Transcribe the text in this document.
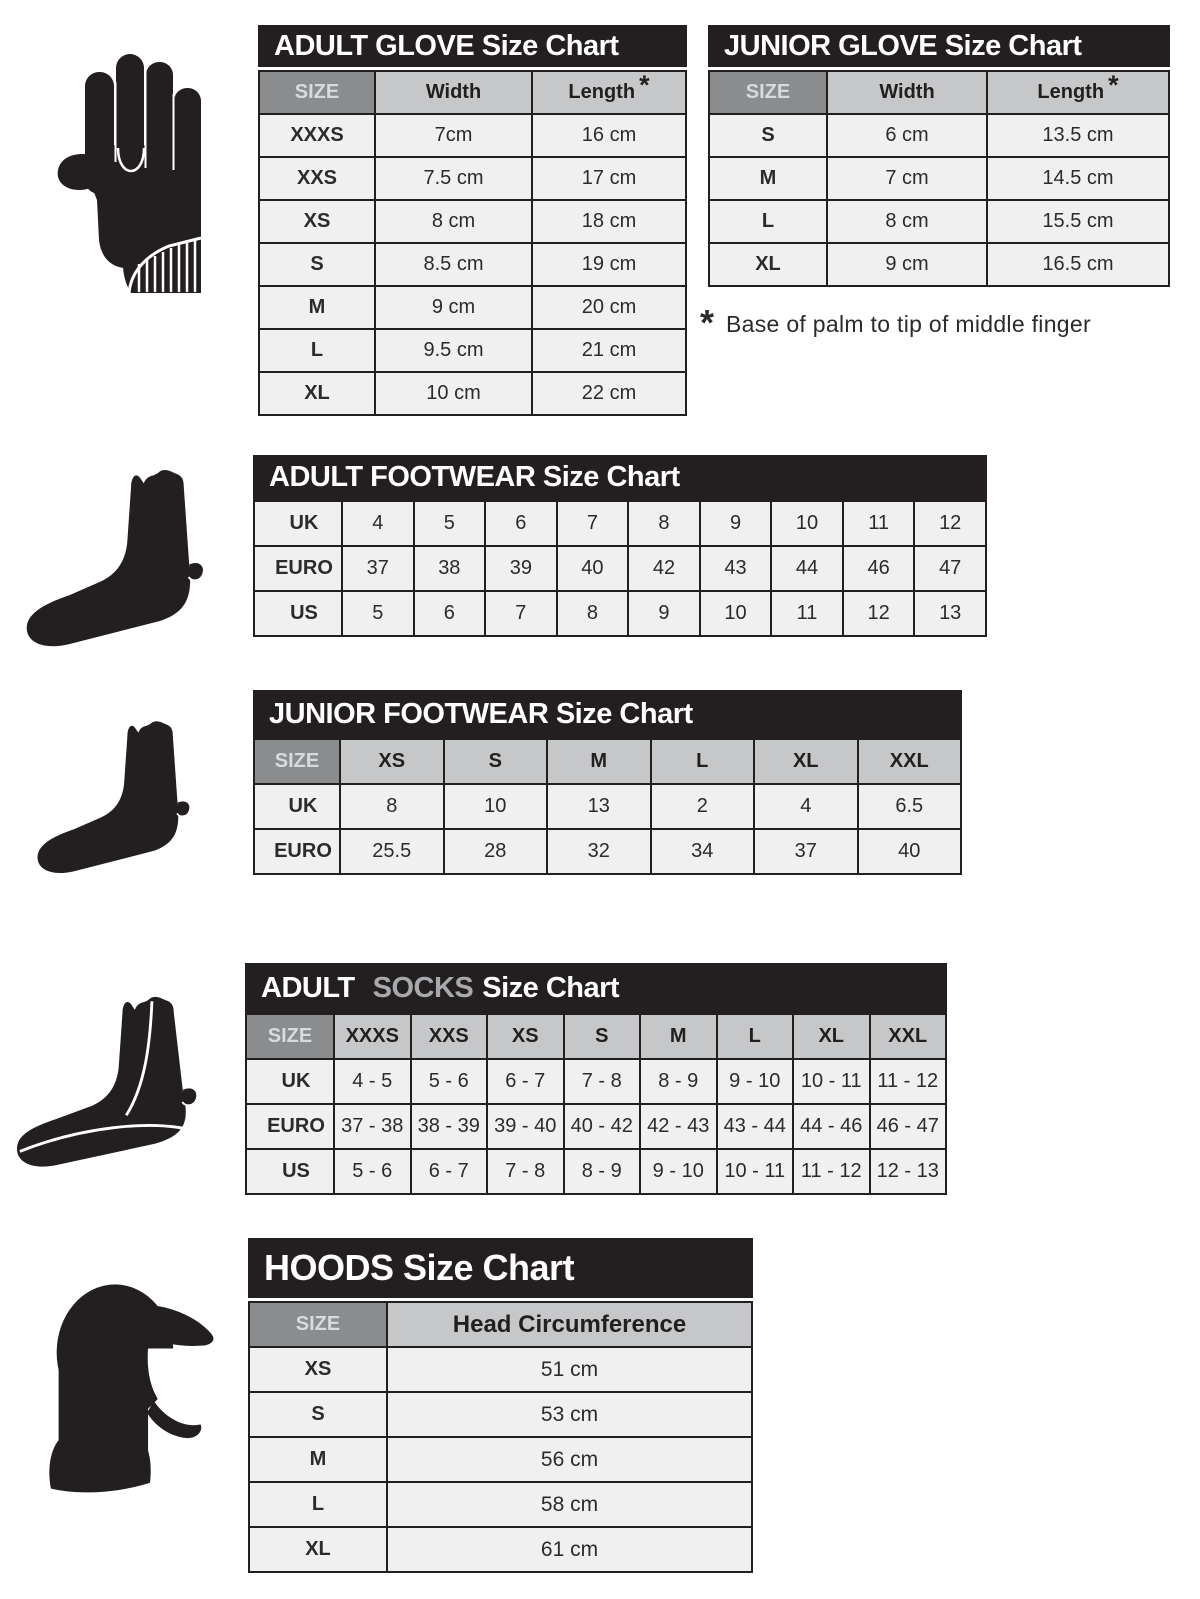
ADULT GLOVE Size Chart
SIZE	Width	Length *
XXXS	7cm	16 cm
XXS	7.5 cm	17 cm
XS	8 cm	18 cm
S	8.5 cm	19 cm
M	9 cm	20 cm
L	9.5 cm	21 cm
XL	10 cm	22 cm
JUNIOR GLOVE Size Chart
SIZE	Width	Length *
S	6 cm	13.5 cm
M	7 cm	14.5 cm
L	8 cm	15.5 cm
XL	9 cm	16.5 cm
* Base of palm to tip of middle finger
ADULT FOOTWEAR Size Chart
UK	4	5	6	7	8	9	10	11	12
EURO	37	38	39	40	42	43	44	46	47
US	5	6	7	8	9	10	11	12	13
JUNIOR FOOTWEAR Size Chart
SIZE	XS	S	M	L	XL	XXL
UK	8	10	13	2	4	6.5
EURO	25.5	28	32	34	37	40
ADULT SOCKS Size Chart
SIZE	XXXS	XXS	XS	S	M	L	XL	XXL
UK	4 - 5	5 - 6	6 - 7	7 - 8	8 - 9	9 - 10	10 - 11	11 - 12
EURO	37 - 38	38 - 39	39 - 40	40 - 42	42 - 43	43 - 44	44 - 46	46 - 47
US	5 - 6	6 - 7	7 - 8	8 - 9	9 - 10	10 - 11	11 - 12	12 - 13
HOODS Size Chart
SIZE	Head Circumference
XS	51 cm
S	53 cm
M	56 cm
L	58 cm
XL	61 cm
